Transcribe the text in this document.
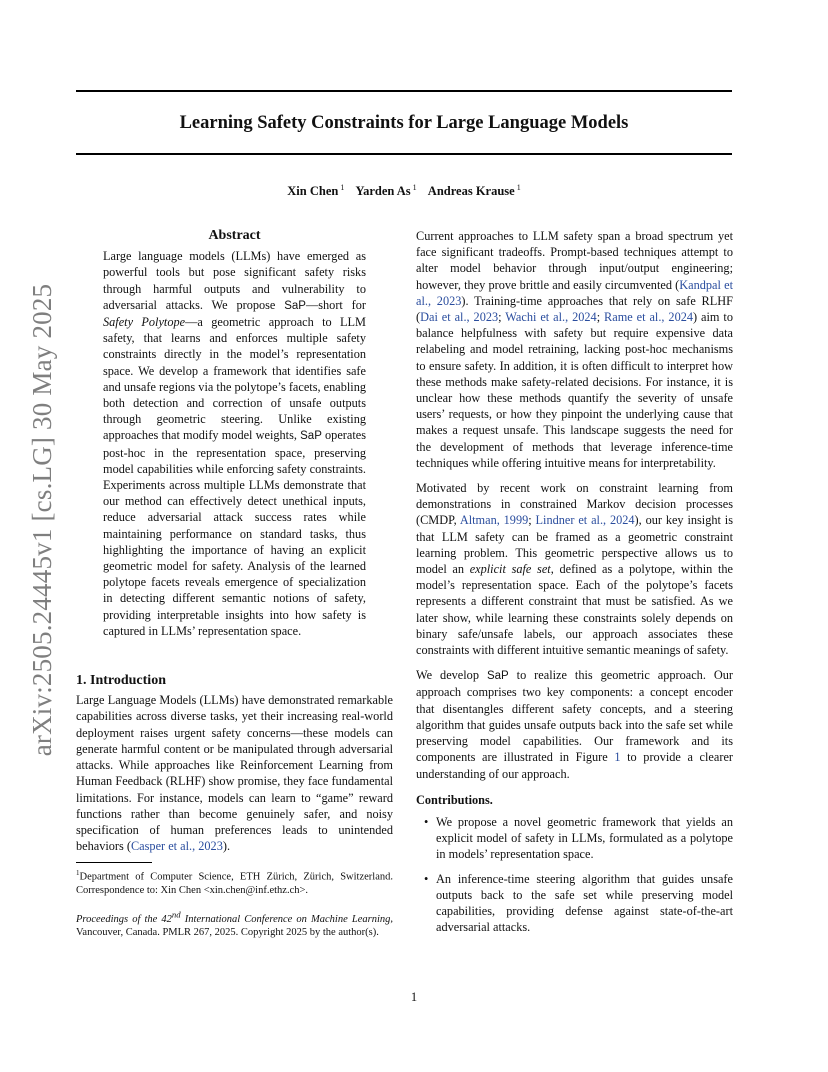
Learning Safety Constraints for Large Language Models
Xin Chen $^1$ Yarden As $^1$ Andreas Krause $^1$
arXiv:2505.24445v1 [cs.LG] 30 May 2025
Abstract

Large language models (LLMs) have emerged as powerful tools but pose significant safety risks through harmful outputs and vulnerability to adversarial attacks. We propose SaP—short for Safety Polytope—a geometric approach to LLM safety, that learns and enforces multiple safety constraints directly in the model’s representation space. We develop a framework that identifies safe and unsafe regions via the polytope’s facets, enabling both detection and correction of unsafe outputs through geometric steering. Unlike existing approaches that modify model weights, SaP operates post-hoc in the representation space, preserving model capabilities while enforcing safety constraints. Experiments across multiple LLMs demonstrate that our method can effectively detect unethical inputs, reduce adversarial attack success rates while maintaining performance on standard tasks, thus highlighting the importance of having an explicit geometric model for safety. Analysis of the learned polytope facets reveals emergence of specialization in detecting different semantic notions of safety, providing interpretable insights into how safety is captured in LLMs’ representation space.

1. Introduction

Large Language Models (LLMs) have demonstrated remarkable capabilities across diverse tasks, yet their increasing real-world deployment raises urgent safety concerns—these models can generate harmful content or be manipulated through adversarial attacks. While approaches like Reinforcement Learning from Human Feedback (RLHF) show promise, they face fundamental limitations. For instance, models can learn to “game” reward functions rather than become genuinely safer, and noisy specification of human preferences leads to unintended behaviors (Casper et al., 2023).

$^1$Department of Computer Science, ETH Zürich, Zürich, Switzerland. Correspondence to: Xin Chen <xin.chen@inf.ethz.ch>.
Proceedings of the 42nd International Conference on Machine Learning, Vancouver, Canada. PMLR 267, 2025. Copyright 2025 by the author(s).

Current approaches to LLM safety span a broad spectrum yet face significant tradeoffs. Prompt-based techniques attempt to alter model behavior through input/output engineering; however, they prove brittle and easily circumvented (Kandpal et al., 2023). Training-time approaches that rely on safe RLHF (Dai et al., 2023; Wachi et al., 2024; Rame et al., 2024) aim to balance helpfulness with safety but require expensive data relabeling and model retraining, lacking post-hoc mechanisms to ensure safety. In addition, it is often difficult to interpret how these methods make safety-related decisions. For instance, it is unclear how these methods quantify the severity of unsafe users’ requests, or how they pinpoint the underlying cause that makes a request unsafe. This landscape suggests the need for the development of methods that leverage inference-time techniques while offering intuitive means for interpretability.

Motivated by recent work on constraint learning from demonstrations in constrained Markov decision processes (CMDP, Altman, 1999; Lindner et al., 2024), our key insight is that LLM safety can be framed as a geometric constraint learning problem. This geometric perspective allows us to model an explicit safe set, defined as a polytope, within the model’s representation space. Each of the polytope’s facets represents a different constraint that must be satisfied. As we later show, while learning these constraints solely depends on binary safe/unsafe labels, our approach associates these constraints with different intuitive semantic meanings of safety.

We develop SaP to realize this geometric approach. Our approach comprises two key components: a concept encoder that disentangles different safety concepts, and a steering algorithm that guides unsafe outputs back into the safe set while preserving model capabilities. Our framework and its components are illustrated in Figure 1 to provide a clearer understanding of our approach.

Contributions.
• We propose a novel geometric framework that yields an explicit model of safety in LLMs, formulated as a polytope in models’ representation space.
• An inference-time steering algorithm that guides unsafe outputs back to the safe set while preserving model capabilities, providing defense against state-of-the-art adversarial attacks.
1
